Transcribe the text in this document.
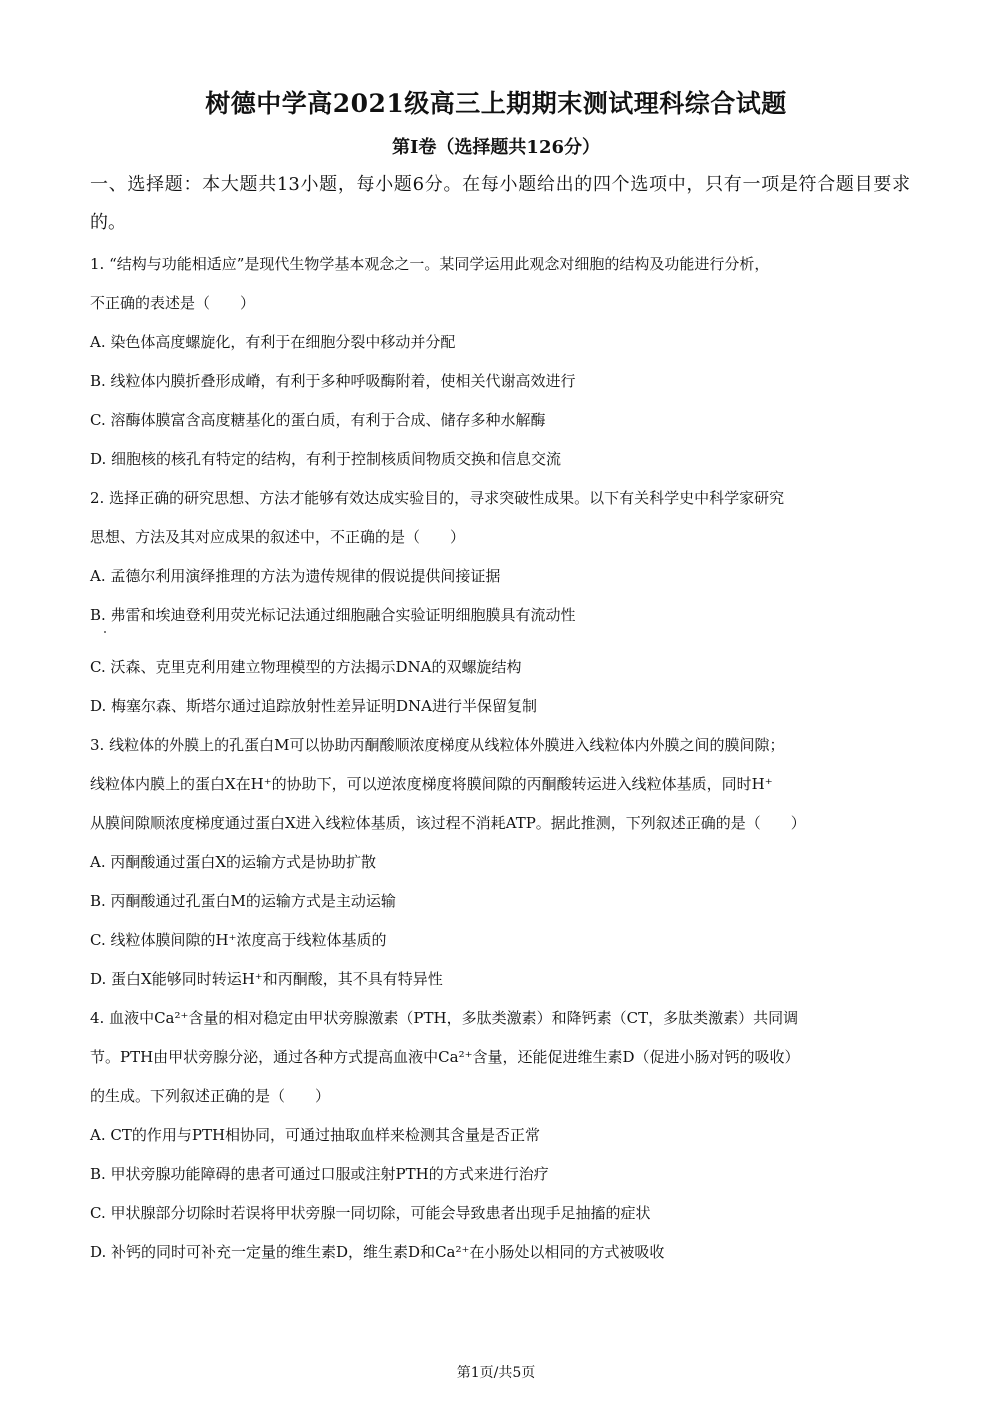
树德中学高2021级高三上期期末测试理科综合试题
第I卷（选择题共126分）
一、选择题：本大题共13小题，每小题6分。在每小题给出的四个选项中，只有一项是符合题目要求的。
1. “结构与功能相适应”是现代生物学基本观念之一。某同学运用此观念对细胞的结构及功能进行分析，
不正确的表述是（　　）
A. 染色体高度螺旋化，有利于在细胞分裂中移动并分配
B. 线粒体内膜折叠形成嵴，有利于多种呼吸酶附着，使相关代谢高效进行
C. 溶酶体膜富含高度糖基化的蛋白质，有利于合成、储存多种水解酶
D. 细胞核的核孔有特定的结构，有利于控制核质间物质交换和信息交流
2. 选择正确的研究思想、方法才能够有效达成实验目的，寻求突破性成果。以下有关科学史中科学家研究
思想、方法及其对应成果的叙述中，不正确的是（　　）
A. 孟德尔利用演绎推理的方法为遗传规律的假说提供间接证据
B. 弗雷和埃迪登利用荧光标记法通过细胞融合实验证明细胞膜具有流动性
C. 沃森、克里克利用建立物理模型的方法揭示DNA的双螺旋结构
D. 梅塞尔森、斯塔尔通过追踪放射性差异证明DNA进行半保留复制
3. 线粒体的外膜上的孔蛋白M可以协助丙酮酸顺浓度梯度从线粒体外膜进入线粒体内外膜之间的膜间隙；
线粒体内膜上的蛋白X在H⁺的协助下，可以逆浓度梯度将膜间隙的丙酮酸转运进入线粒体基质，同时H⁺
从膜间隙顺浓度梯度通过蛋白X进入线粒体基质，该过程不消耗ATP。据此推测，下列叙述正确的是（　　）
A. 丙酮酸通过蛋白X的运输方式是协助扩散
B. 丙酮酸通过孔蛋白M的运输方式是主动运输
C. 线粒体膜间隙的H⁺浓度高于线粒体基质的
D. 蛋白X能够同时转运H⁺和丙酮酸，其不具有特异性
4. 血液中Ca²⁺含量的相对稳定由甲状旁腺激素（PTH，多肽类激素）和降钙素（CT，多肽类激素）共同调
节。PTH由甲状旁腺分泌，通过各种方式提高血液中Ca²⁺含量，还能促进维生素D（促进小肠对钙的吸收）
的生成。下列叙述正确的是（　　）
A. CT的作用与PTH相协同，可通过抽取血样来检测其含量是否正常
B. 甲状旁腺功能障碍的患者可通过口服或注射PTH的方式来进行治疗
C. 甲状腺部分切除时若误将甲状旁腺一同切除，可能会导致患者出现手足抽搐的症状
D. 补钙的同时可补充一定量的维生素D，维生素D和Ca²⁺在小肠处以相同的方式被吸收
第1页/共5页
